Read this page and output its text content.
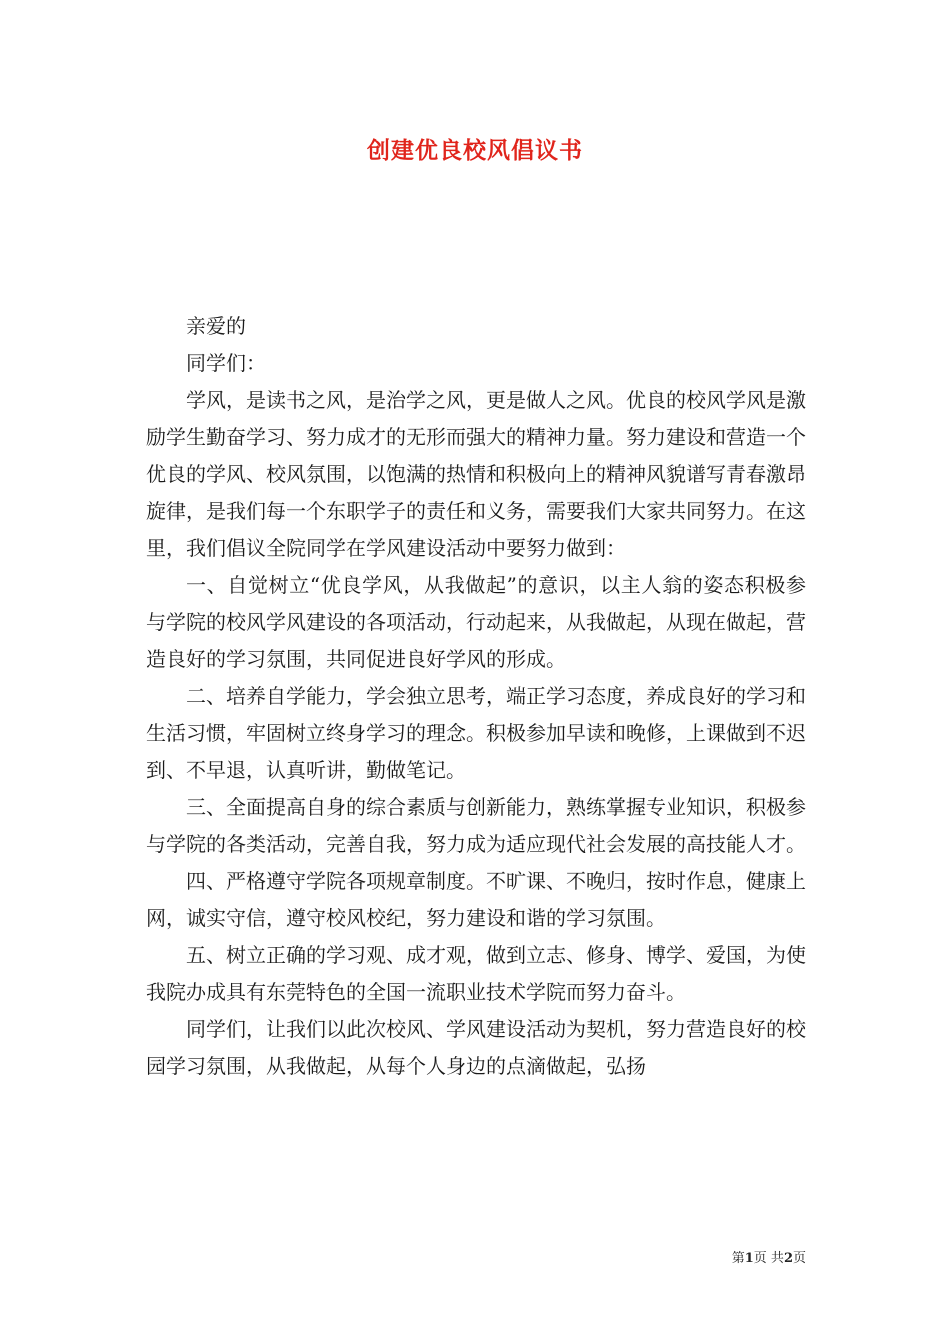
创建优良校风倡议书

亲爱的

同学们：

学风，是读书之风，是治学之风，更是做人之风。优良的校风学风是激励学生勤奋学习、努力成才的无形而强大的精神力量。努力建设和营造一个优良的学风、校风氛围，以饱满的热情和积极向上的精神风貌谱写青春激昂旋律，是我们每一个东职学子的责任和义务，需要我们大家共同努力。在这里，我们倡议全院同学在学风建设活动中要努力做到：

一、自觉树立“优良学风，从我做起”的意识，以主人翁的姿态积极参与学院的校风学风建设的各项活动，行动起来，从我做起，从现在做起，营造良好的学习氛围，共同促进良好学风的形成。

二、培养自学能力，学会独立思考，端正学习态度，养成良好的学习和生活习惯，牢固树立终身学习的理念。积极参加早读和晚修，上课做到不迟到、不早退，认真听讲，勤做笔记。

三、全面提高自身的综合素质与创新能力，熟练掌握专业知识，积极参与学院的各类活动，完善自我，努力成为适应现代社会发展的高技能人才。

四、严格遵守学院各项规章制度。不旷课、不晚归，按时作息，健康上网，诚实守信，遵守校风校纪，努力建设和谐的学习氛围。

五、树立正确的学习观、成才观，做到立志、修身、博学、爱国，为使我院办成具有东莞特色的全国一流职业技术学院而努力奋斗。

同学们，让我们以此次校风、学风建设活动为契机，努力营造良好的校园学习氛围，从我做起，从每个人身边的点滴做起，弘扬

第1页 共2页
